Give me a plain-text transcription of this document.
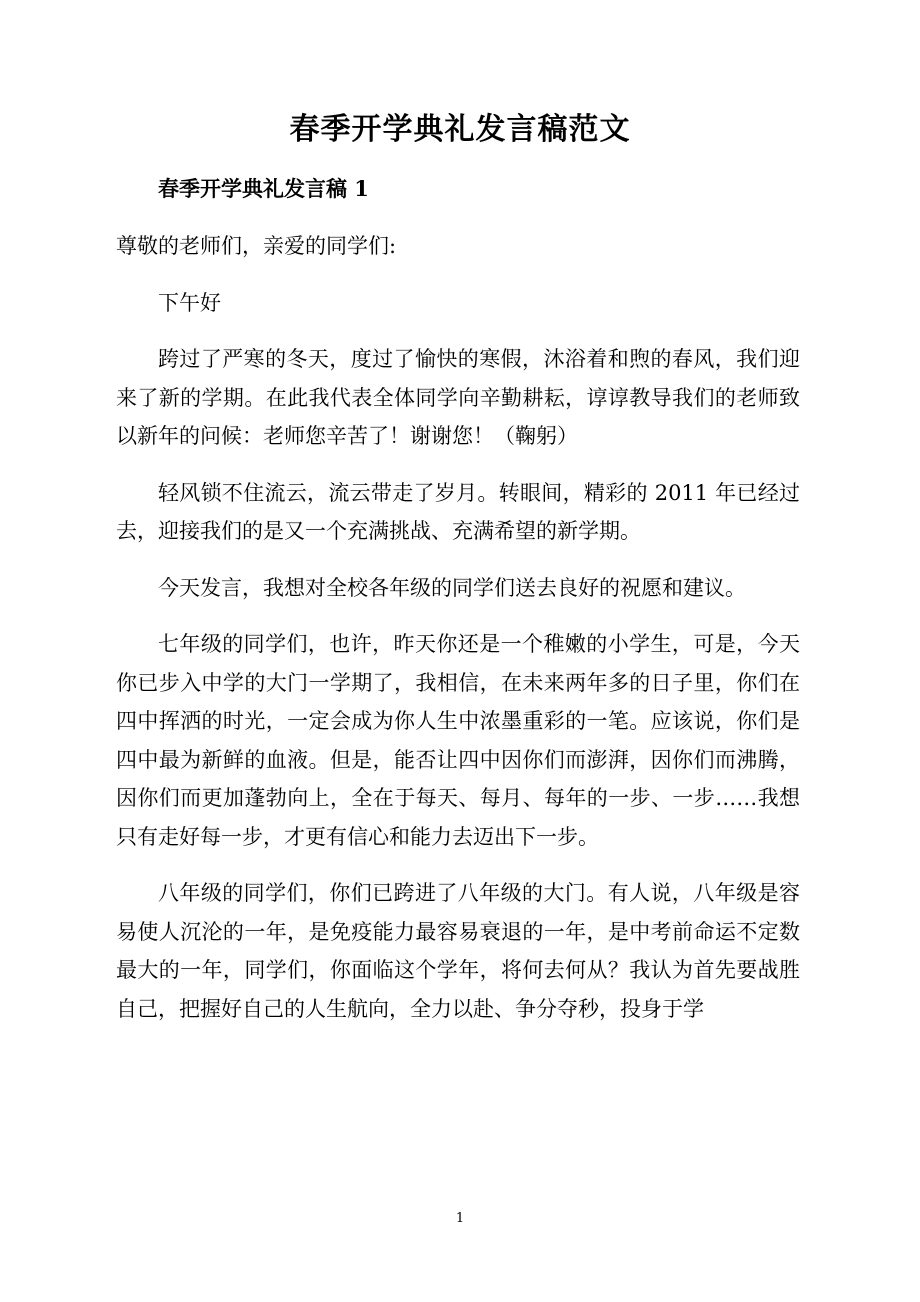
春季开学典礼发言稿范文
春季开学典礼发言稿 1

尊敬的老师们，亲爱的同学们:

下午好

跨过了严寒的冬天，度过了愉快的寒假，沐浴着和煦的春风，我们迎来了新的学期。在此我代表全体同学向辛勤耕耘，谆谆教导我们的老师致以新年的问候：老师您辛苦了！谢谢您！（鞠躬）

轻风锁不住流云，流云带走了岁月。转眼间，精彩的 2011 年已经过去，迎接我们的是又一个充满挑战、充满希望的新学期。

今天发言，我想对全校各年级的同学们送去良好的祝愿和建议。

七年级的同学们，也许，昨天你还是一个稚嫩的小学生，可是，今天你已步入中学的大门一学期了，我相信，在未来两年多的日子里，你们在四中挥洒的时光，一定会成为你人生中浓墨重彩的一笔。应该说，你们是四中最为新鲜的血液。但是，能否让四中因你们而澎湃，因你们而沸腾，因你们而更加蓬勃向上，全在于每天、每月、每年的一步、一步……我想只有走好每一步，才更有信心和能力去迈出下一步。

八年级的同学们，你们已跨进了八年级的大门。有人说，八年级是容易使人沉沦的一年，是免疫能力最容易衰退的一年，是中考前命运不定数最大的一年，同学们，你面临这个学年，将何去何从？我认为首先要战胜自己，把握好自己的人生航向，全力以赴、争分夺秒，投身于学

1
